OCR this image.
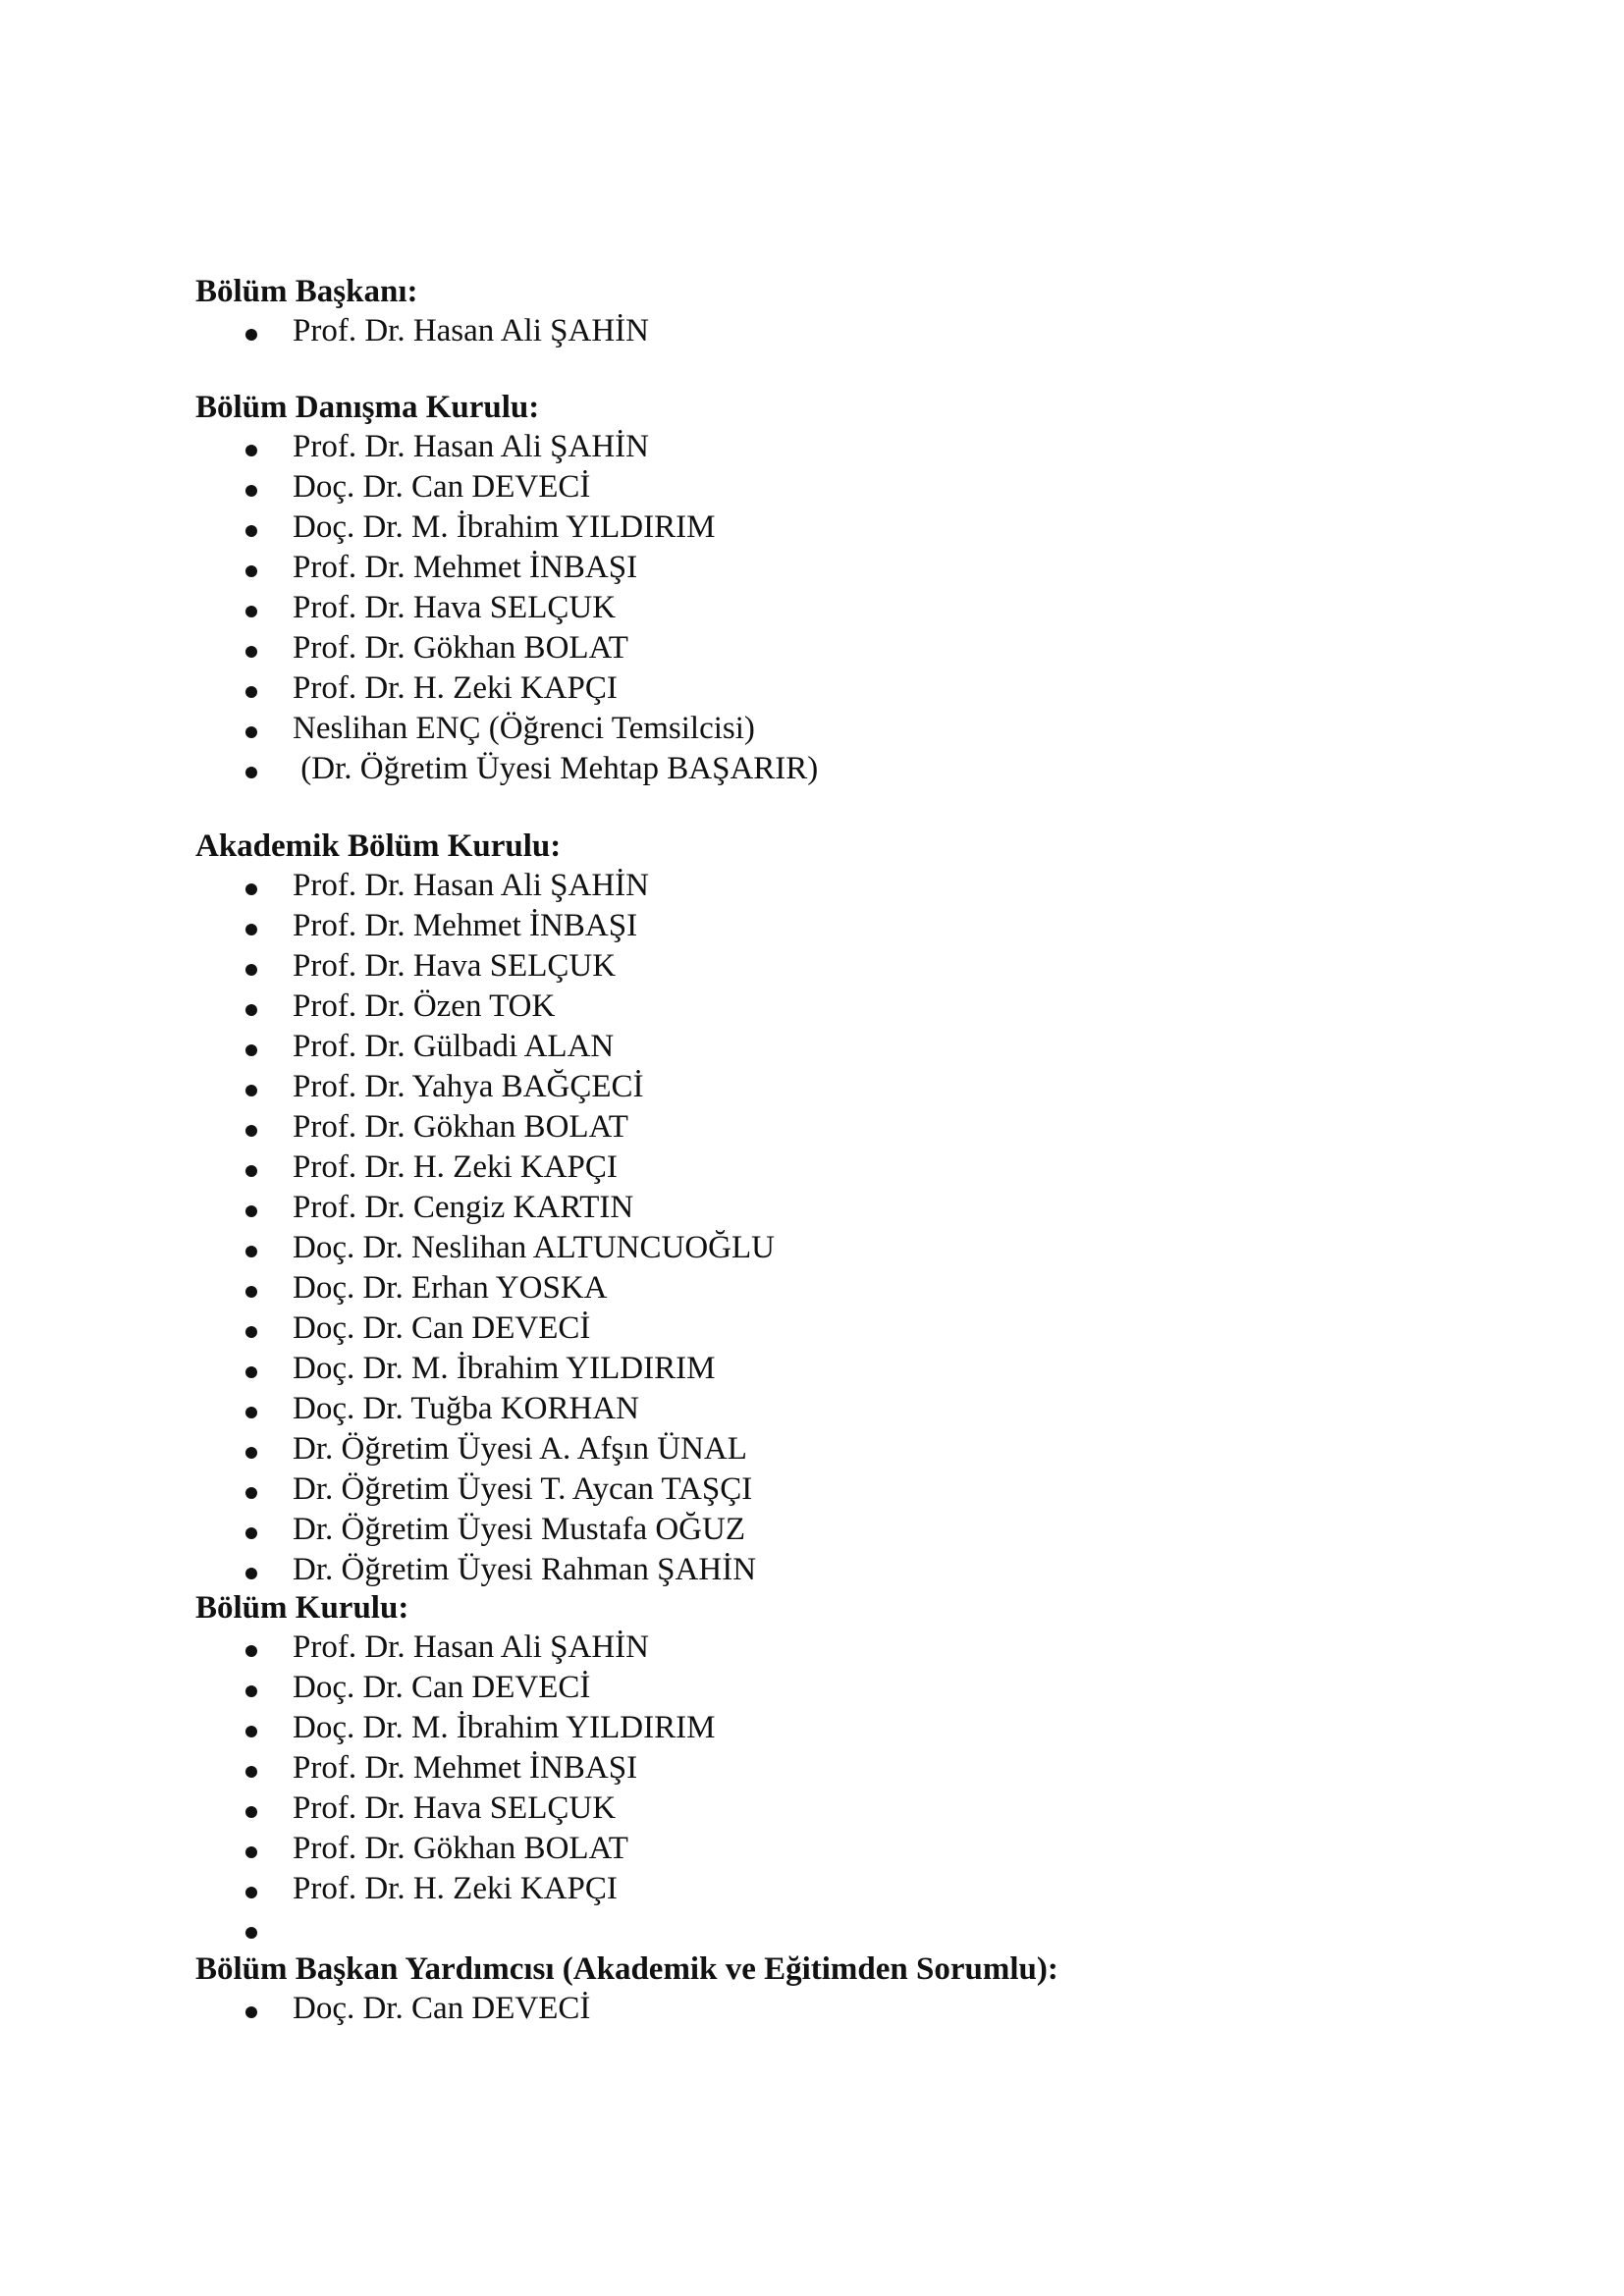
Bölüm Başkanı:
Prof. Dr. Hasan Ali ŞAHİN
Bölüm Danışma Kurulu:
Prof. Dr. Hasan Ali ŞAHİN
Doç. Dr. Can DEVECİ
Doç. Dr. M. İbrahim YILDIRIM
Prof. Dr. Mehmet İNBAŞI
Prof. Dr. Hava SELÇUK
Prof. Dr. Gökhan BOLAT
Prof. Dr. H. Zeki KAPÇI
Neslihan ENÇ (Öğrenci Temsilcisi)
(Dr. Öğretim Üyesi Mehtap BAŞARIR)
Akademik Bölüm Kurulu:
Prof. Dr. Hasan Ali ŞAHİN
Prof. Dr. Mehmet İNBAŞI
Prof. Dr. Hava SELÇUK
Prof. Dr. Özen TOK
Prof. Dr. Gülbadi ALAN
Prof. Dr. Yahya BAĞÇECİ
Prof. Dr. Gökhan BOLAT
Prof. Dr. H. Zeki KAPÇI
Prof. Dr. Cengiz KARTIN
Doç. Dr. Neslihan ALTUNCUOĞLU
Doç. Dr. Erhan YOSKA
Doç. Dr. Can DEVECİ
Doç. Dr. M. İbrahim YILDIRIM
Doç. Dr. Tuğba KORHAN
Dr. Öğretim Üyesi A. Afşın ÜNAL
Dr. Öğretim Üyesi T. Aycan TAŞÇI
Dr. Öğretim Üyesi Mustafa OĞUZ
Dr. Öğretim Üyesi Rahman ŞAHİN
Bölüm Kurulu:
Prof. Dr. Hasan Ali ŞAHİN
Doç. Dr. Can DEVECİ
Doç. Dr. M. İbrahim YILDIRIM
Prof. Dr. Mehmet İNBAŞI
Prof. Dr. Hava SELÇUK
Prof. Dr. Gökhan BOLAT
Prof. Dr. H. Zeki KAPÇI
Bölüm Başkan Yardımcısı (Akademik ve Eğitimden Sorumlu):
Doç. Dr. Can DEVECİ
